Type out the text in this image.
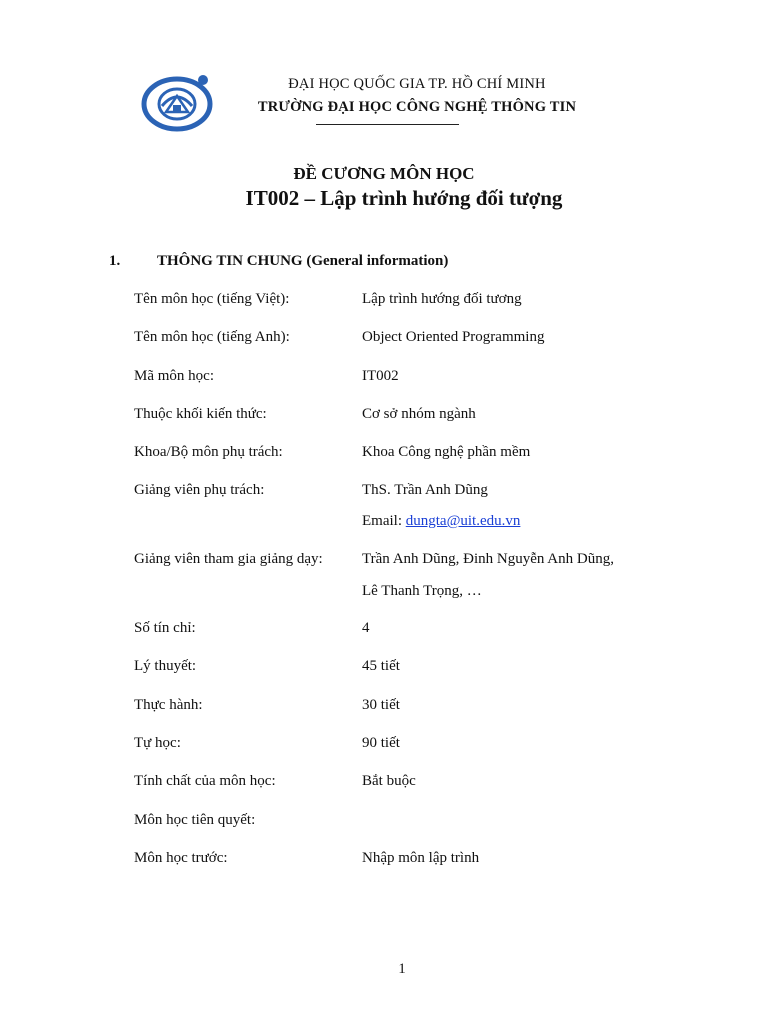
ĐẠI HỌC QUỐC GIA TP. HỒ CHÍ MINH
TRƯỜNG ĐẠI HỌC CÔNG NGHỆ THÔNG TIN
ĐỀ CƯƠNG MÔN HỌC
IT002 – Lập trình hướng đối tượng
1. THÔNG TIN CHUNG (General information)
Tên môn học (tiếng Việt):	Lập trình hướng đối tương
Tên môn học (tiếng Anh):	Object Oriented Programming
Mã môn học:	IT002
Thuộc khối kiến thức:	Cơ sở nhóm ngành
Khoa/Bộ môn phụ trách:	Khoa Công nghệ phần mềm
Giảng viên phụ trách:	ThS. Trần Anh Dũng
Email: dungta@uit.edu.vn
Giảng viên tham gia giảng dạy:	Trần Anh Dũng, Đinh Nguyễn Anh Dũng,
Lê Thanh Trọng, …
Số tín chỉ:	4
Lý thuyết:	45 tiết
Thực hành:	30 tiết
Tự học:	90 tiết
Tính chất của môn học:	Bắt buộc
Môn học tiên quyết:
Môn học trước:	Nhập môn lập trình
1
